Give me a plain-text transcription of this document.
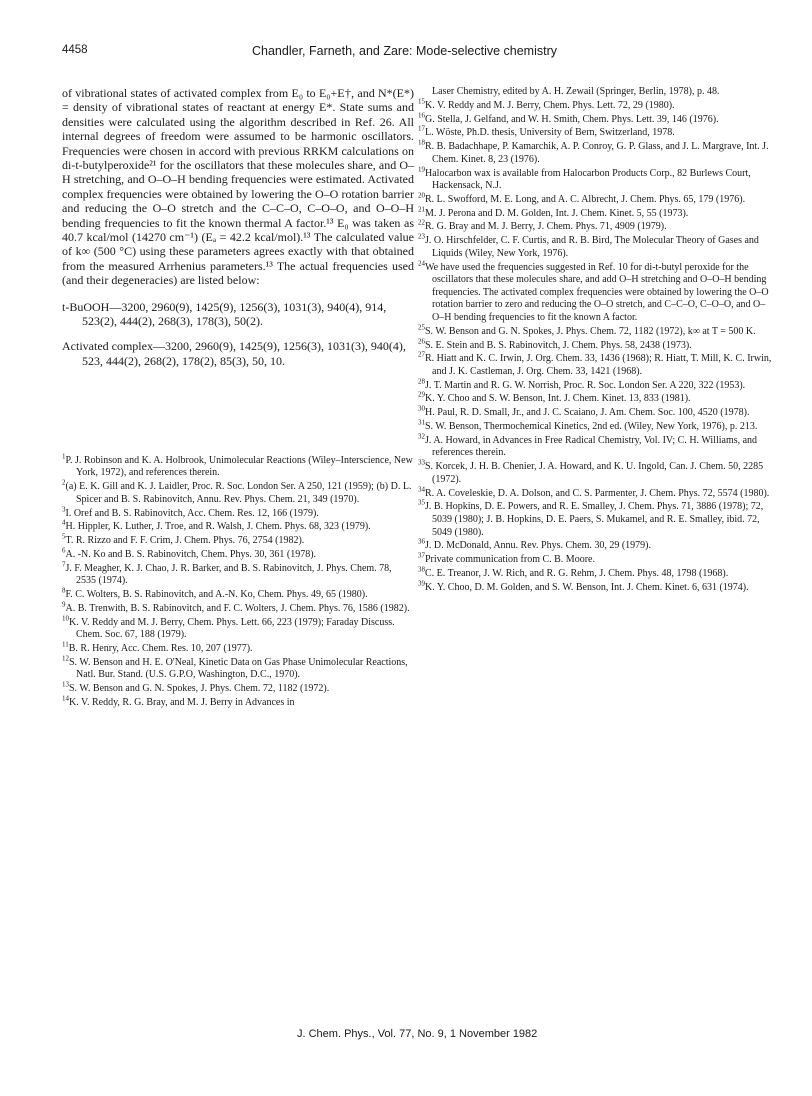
4458	Chandler, Farneth, and Zare: Mode-selective chemistry

of vibrational states of activated complex from E₀ to E₀+E†, and N*(E*) = density of vibrational states of reactant at energy E*. State sums and densities were calculated using the algorithm described in Ref. 26. All internal degrees of freedom were assumed to be harmonic oscillators. Frequencies were chosen in accord with previous RRKM calculations on di-t-butylperoxide²¹ for the oscillators that these molecules share, and O–H stretching, and O–O–H bending frequencies were estimated. Activated complex frequencies were obtained by lowering the O–O rotation barrier and reducing the O–O stretch and the C–C–O, C–O–O, and O–O–H bending frequencies to fit the known thermal A factor.¹³ E₀ was taken as 40.7 kcal/mol (14270 cm⁻¹) (Eₐ = 42.2 kcal/mol).¹³ The calculated value of k∞ (500 °C) using these parameters agrees exactly with that obtained from the measured Arrhenius parameters.¹³ The actual frequencies used (and their degeneracies) are listed below:

t-BuOOH—3200, 2960(9), 1425(9), 1256(3), 1031(3), 940(4), 914, 523(2), 444(2), 268(3), 178(3), 50(2).

Activated complex—3200, 2960(9), 1425(9), 1256(3), 1031(3), 940(4), 523, 444(2), 268(2), 178(2), 85(3), 50, 10.

$^1$P. J. Robinson and K. A. Holbrook, Unimolecular Reactions (Wiley–Interscience, New York, 1972), and references therein.

$^2$(a) E. K. Gill and K. J. Laidler, Proc. R. Soc. London Ser. A 250, 121 (1959); (b) D. L. Spicer and B. S. Rabinovitch, Annu. Rev. Phys. Chem. 21, 349 (1970).

$^3$I. Oref and B. S. Rabinovitch, Acc. Chem. Res. 12, 166 (1979).

$^4$H. Hippler, K. Luther, J. Troe, and R. Walsh, J. Chem. Phys. 68, 323 (1979).

$^5$T. R. Rizzo and F. F. Crim, J. Chem. Phys. 76, 2754 (1982).

$^6$A. -N. Ko and B. S. Rabinovitch, Chem. Phys. 30, 361 (1978).

$^7$J. F. Meagher, K. J. Chao, J. R. Barker, and B. S. Rabinovitch, J. Phys. Chem. 78, 2535 (1974).

$^8$F. C. Wolters, B. S. Rabinovitch, and A.-N. Ko, Chem. Phys. 49, 65 (1980).

$^9$A. B. Trenwith, B. S. Rabinovitch, and F. C. Wolters, J. Chem. Phys. 76, 1586 (1982).

$^{10}$K. V. Reddy and M. J. Berry, Chem. Phys. Lett. 66, 223 (1979); Faraday Discuss. Chem. Soc. 67, 188 (1979).

$^{11}$B. R. Henry, Acc. Chem. Res. 10, 207 (1977).

$^{12}$S. W. Benson and H. E. O'Neal, Kinetic Data on Gas Phase Unimolecular Reactions, Natl. Bur. Stand. (U.S. G.P.O, Washington, D.C., 1970).

$^{13}$S. W. Benson and G. N. Spokes, J. Phys. Chem. 72, 1182 (1972).

$^{14}$K. V. Reddy, R. G. Bray, and M. J. Berry in Advances in

Laser Chemistry, edited by A. H. Zewail (Springer, Berlin, 1978), p. 48.

$^{15}$K. V. Reddy and M. J. Berry, Chem. Phys. Lett. 72, 29 (1980).

$^{16}$G. Stella, J. Gelfand, and W. H. Smith, Chem. Phys. Lett. 39, 146 (1976).

$^{17}$L. Wöste, Ph.D. thesis, University of Bern, Switzerland, 1978.

$^{18}$R. B. Badachhape, P. Kamarchik, A. P. Conroy, G. P. Glass, and J. L. Margrave, Int. J. Chem. Kinet. 8, 23 (1976).

$^{19}$Halocarbon wax is available from Halocarbon Products Corp., 82 Burlews Court, Hackensack, N.J.

$^{20}$R. L. Swofford, M. E. Long, and A. C. Albrecht, J. Chem. Phys. 65, 179 (1976).

$^{21}$M. J. Perona and D. M. Golden, Int. J. Chem. Kinet. 5, 55 (1973).

$^{22}$R. G. Bray and M. J. Berry, J. Chem. Phys. 71, 4909 (1979).

$^{23}$J. O. Hirschfelder, C. F. Curtis, and R. B. Bird, The Molecular Theory of Gases and Liquids (Wiley, New York, 1976).

$^{24}$We have used the frequencies suggested in Ref. 10 for di-t-butyl peroxide for the oscillators that these molecules share, and add O–H stretching and O–O–H bending frequencies. The activated complex frequencies were obtained by lowering the O–O rotation barrier to zero and reducing the O–O stretch, and C–C–O, C–O–O, and O–O–H bending frequencies to fit the known A factor.

$^{25}$S. W. Benson and G. N. Spokes, J. Phys. Chem. 72, 1182 (1972), k∞ at T = 500 K.

$^{26}$S. E. Stein and B. S. Rabinovitch, J. Chem. Phys. 58, 2438 (1973).

$^{27}$R. Hiatt and K. C. Irwin, J. Org. Chem. 33, 1436 (1968); R. Hiatt, T. Mill, K. C. Irwin, and J. K. Castleman, J. Org. Chem. 33, 1421 (1968).

$^{28}$J. T. Martin and R. G. W. Norrish, Proc. R. Soc. London Ser. A 220, 322 (1953).

$^{29}$K. Y. Choo and S. W. Benson, Int. J. Chem. Kinet. 13, 833 (1981).

$^{30}$H. Paul, R. D. Small, Jr., and J. C. Scaiano, J. Am. Chem. Soc. 100, 4520 (1978).

$^{31}$S. W. Benson, Thermochemical Kinetics, 2nd ed. (Wiley, New York, 1976), p. 213.

$^{32}$J. A. Howard, in Advances in Free Radical Chemistry, Vol. IV; C. H. Williams, and references therein.

$^{33}$S. Korcek, J. H. B. Chenier, J. A. Howard, and K. U. Ingold, Can. J. Chem. 50, 2285 (1972).

$^{34}$R. A. Coveleskie, D. A. Dolson, and C. S. Parmenter, J. Chem. Phys. 72, 5574 (1980).

$^{35}$J. B. Hopkins, D. E. Powers, and R. E. Smalley, J. Chem. Phys. 71, 3886 (1978); 72, 5039 (1980); J. B. Hopkins, D. E. Paers, S. Mukamel, and R. E. Smalley, ibid. 72, 5049 (1980).

$^{36}$J. D. McDonald, Annu. Rev. Phys. Chem. 30, 29 (1979).

$^{37}$Private communication from C. B. Moore.

$^{38}$C. E. Treanor, J. W. Rich, and R. G. Rehm, J. Chem. Phys. 48, 1798 (1968).

$^{39}$K. Y. Choo, D. M. Golden, and S. W. Benson, Int. J. Chem. Kinet. 6, 631 (1974).

J. Chem. Phys., Vol. 77, No. 9, 1 November 1982
